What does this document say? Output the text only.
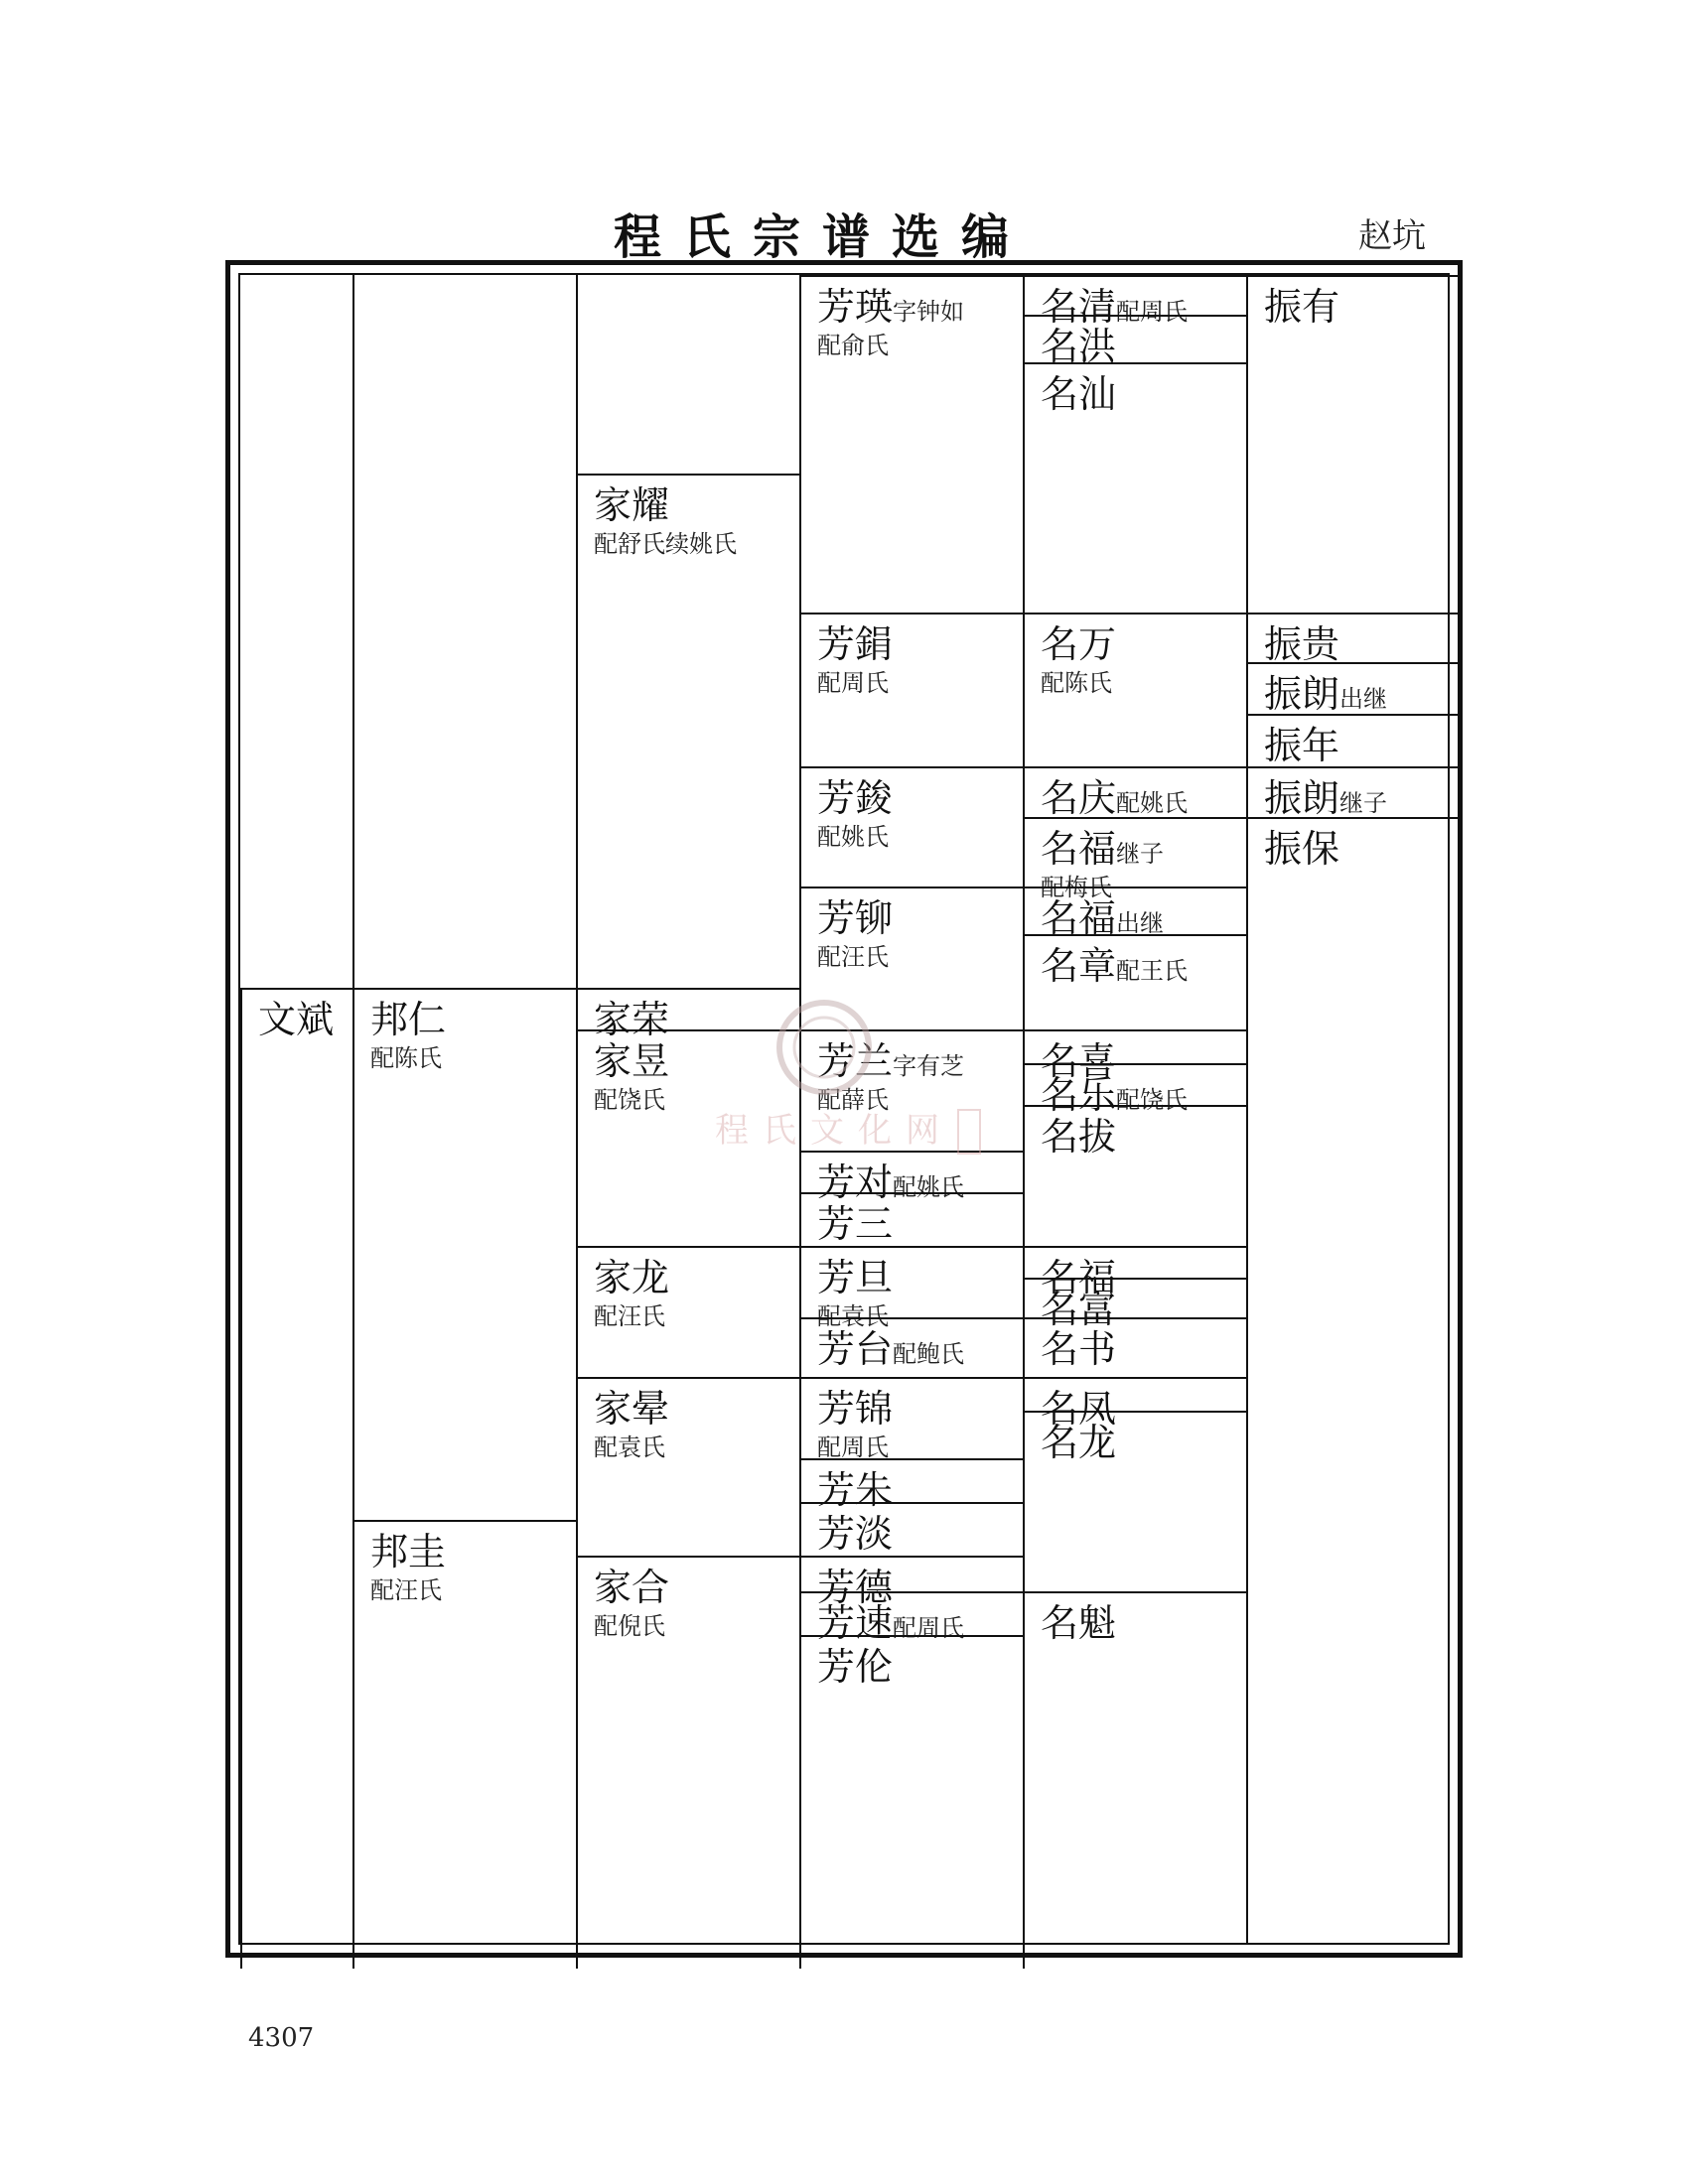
程氏宗谱选编	赵坑
文斌 邦仁
配陈氏
邦圭
配汪氏
家耀
配舒氏续姚氏
家荣
家昱
配饶氏
家龙
配汪氏
家晕
配袁氏
家合
配倪氏
芳瑛字钟如
配俞氏
芳鋗
配周氏
芳鋑
配姚氏
芳铆
配汪氏
芳兰字有芝
配薛氏
芳对配姚氏
芳三
芳旦
配袁氏
芳台配鲍氏
芳锦
配周氏
芳朱
芳淡
芳德
芳速配周氏
芳伦
名清配周氏
名洪
名汕
名万
配陈氏
名庆配姚氏
名福继子
配梅氏
名福出继
名章配王氏
名喜
名乐配饶氏
名拔
名福
名富
名书
名凤
名龙
名魁
振有
振贵
振朗出继
振年
振朗继子
振保
程氏文化网
4307
